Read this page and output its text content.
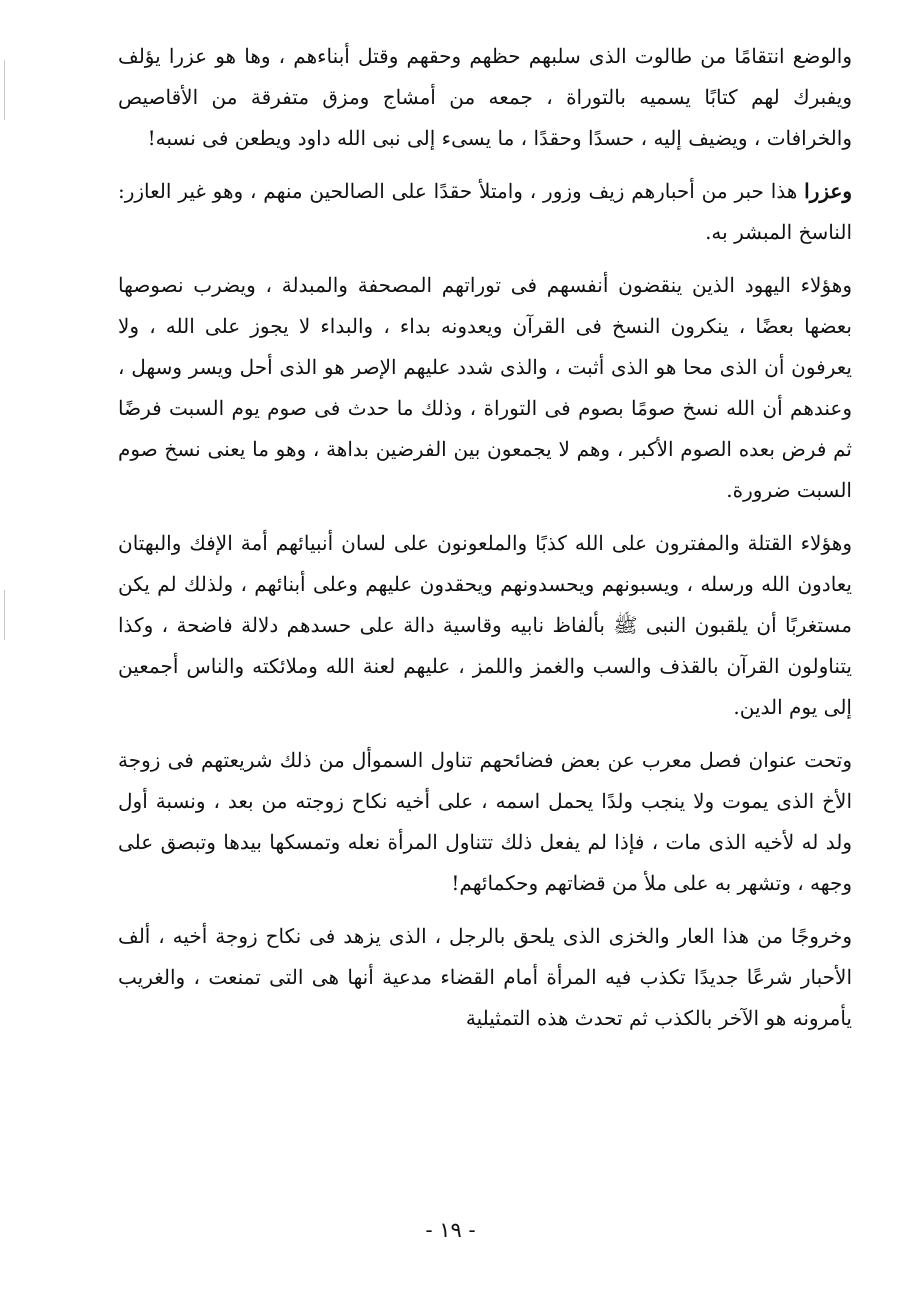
والوضع انتقامًا من طالوت الذى سلبهم حظهم وحقهم وقتل أبناءهم ، وها هو عزرا يؤلف ويفبرك لهم كتابًا يسميه بالتوراة ، جمعه من أمشاج ومزق متفرقة من الأقاصيص والخرافات ، ويضيف إليه ، حسدًا وحقدًا ، ما يسىء إلى نبى الله داود ويطعن فى نسبه!

وعزرا هذا حبر من أحبارهم زيف وزور ، وامتلأ حقدًا على الصالحين منهم ، وهو غير العازر: الناسخ المبشر به.

وهؤلاء اليهود الذين ينقضون أنفسهم فى توراتهم المصحفة والمبدلة ، ويضرب نصوصها بعضها بعضًا ، ينكرون النسخ فى القرآن ويعدونه بداء ، والبداء لا يجوز على الله ، ولا يعرفون أن الذى محا هو الذى أثبت ، والذى شدد عليهم الإصر هو الذى أحل ويسر وسهل ، وعندهم أن الله نسخ صومًا بصوم فى التوراة ، وذلك ما حدث فى صوم يوم السبت فرضًا ثم فرض بعده الصوم الأكبر ، وهم لا يجمعون بين الفرضين بداهة ، وهو ما يعنى نسخ صوم السبت ضرورة.

وهؤلاء القتلة والمفترون على الله كذبًا والملعونون على لسان أنبيائهم أمة الإفك والبهتان يعادون الله ورسله ، ويسبونهم ويحسدونهم ويحقدون عليهم وعلى أبنائهم ، ولذلك لم يكن مستغربًا أن يلقبون النبى ﷺ بألفاظ نابيه وقاسية دالة على حسدهم دلالة فاضحة ، وكذا يتناولون القرآن بالقذف والسب والغمز واللمز ، عليهم لعنة الله وملائكته والناس أجمعين إلى يوم الدين.

وتحت عنوان فصل معرب عن بعض فضائحهم تناول السموأل من ذلك شريعتهم فى زوجة الأخ الذى يموت ولا ينجب ولدًا يحمل اسمه ، على أخيه نكاح زوجته من بعد ، ونسبة أول ولد له لأخيه الذى مات ، فإذا لم يفعل ذلك تتناول المرأة نعله وتمسكها بيدها وتبصق على وجهه ، وتشهر به على ملأ من قضاتهم وحكمائهم!

وخروجًا من هذا العار والخزى الذى يلحق بالرجل ، الذى يزهد فى نكاح زوجة أخيه ، ألف الأحبار شرعًا جديدًا تكذب فيه المرأة أمام القضاء مدعية أنها هى التى تمنعت ، والغريب يأمرونه هو الآخر بالكذب ثم تحدث هذه التمثيلية

- ١٩ -
